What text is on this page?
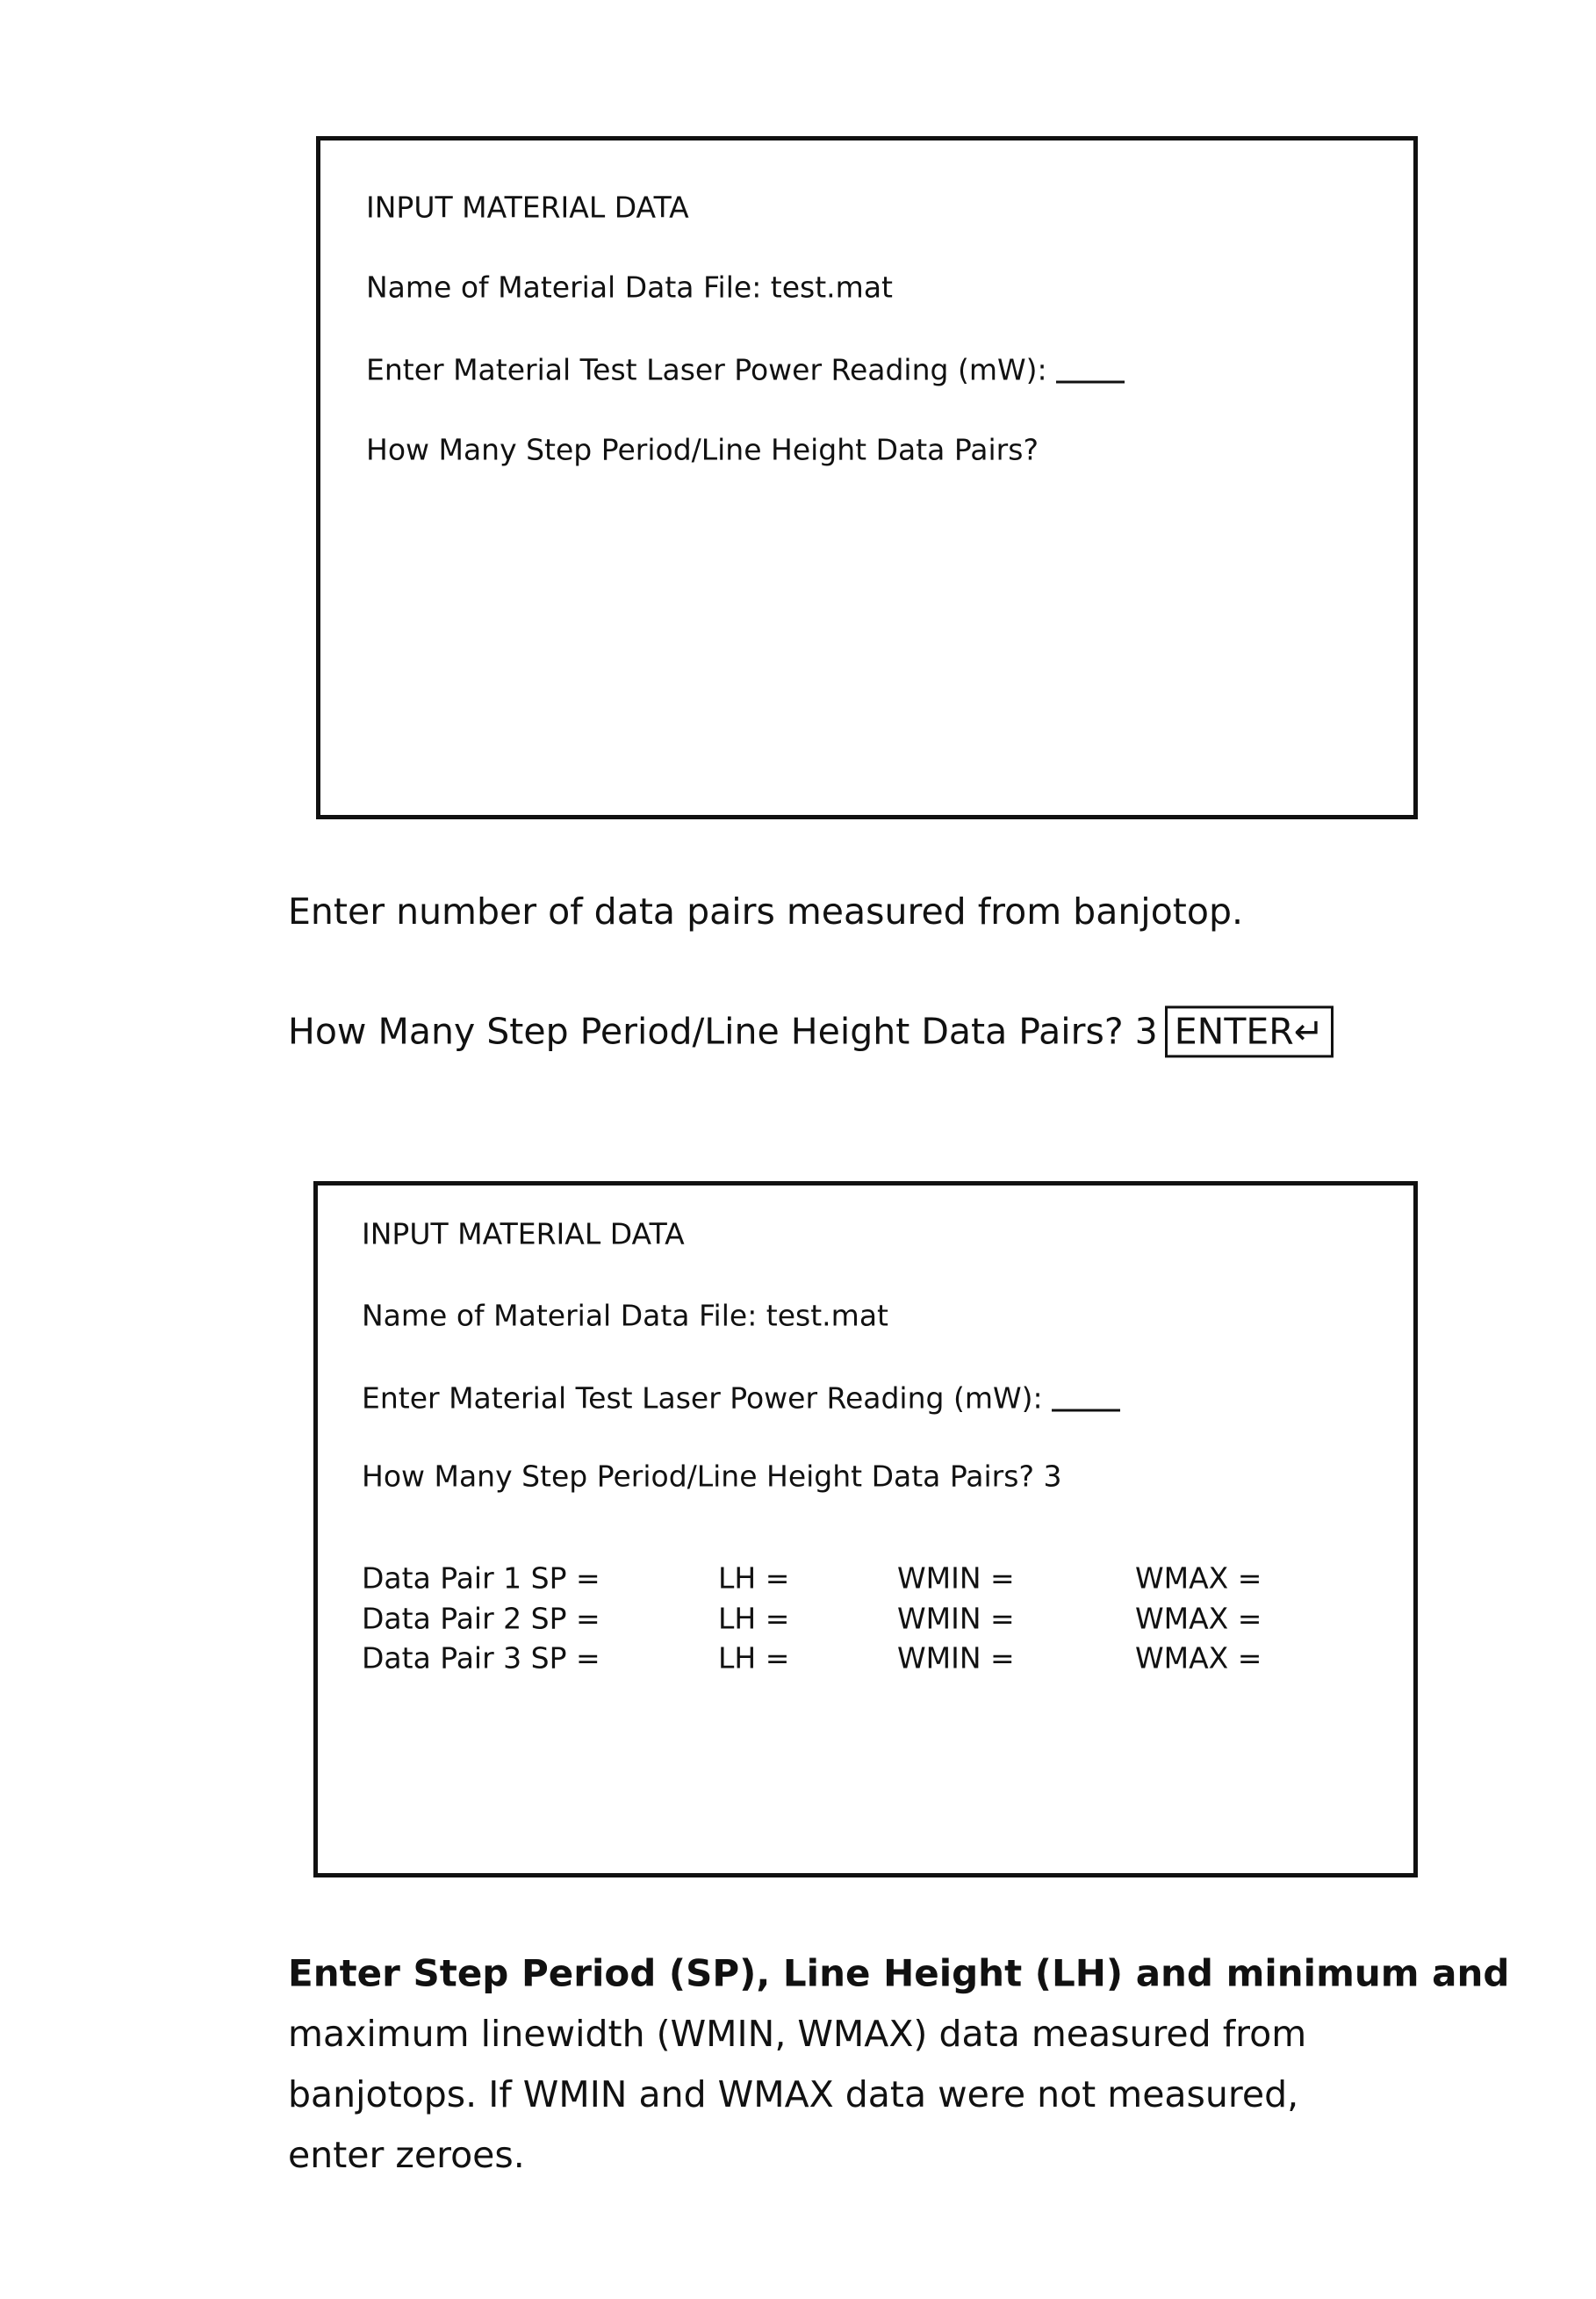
INPUT MATERIAL DATA
Name of Material Data File: test.mat
Enter Material Test Laser Power Reading (mW):
How Many Step Period/Line Height Data Pairs?
Enter number of data pairs measured from banjotop.
How Many Step Period/Line Height Data Pairs? 3 ENTER↵
INPUT MATERIAL DATA
Name of Material Data File: test.mat
Enter Material Test Laser Power Reading (mW):
How Many Step Period/Line Height Data Pairs? 3
Data Pair 1 SP =	LH =	WMIN =	WMAX =
Data Pair 2 SP =	LH =	WMIN =	WMAX =
Data Pair 3 SP =	LH =	WMIN =	WMAX =
Enter Step Period (SP), Line Height (LH) and minimum and
maximum linewidth (WMIN, WMAX) data measured from
banjotops. If WMIN and WMAX data were not measured,
enter zeroes.
